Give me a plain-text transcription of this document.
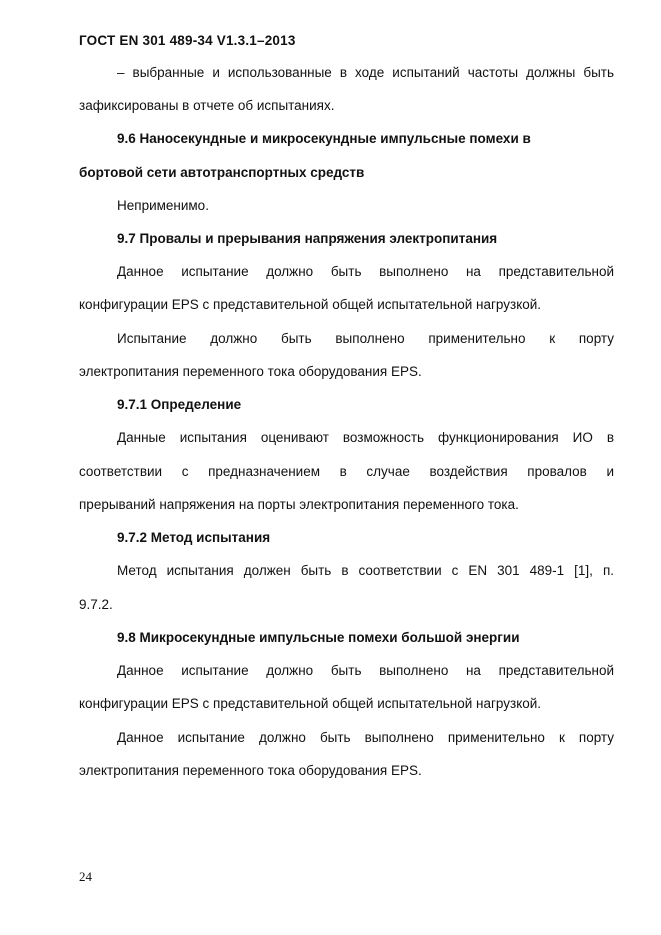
ГОСТ EN 301 489-34 V1.3.1–2013
– выбранные и использованные в ходе испытаний частоты должны быть
зафиксированы в отчете об испытаниях.
9.6 Наносекундные и микросекундные импульсные помехи в
бортовой сети автотранспортных средств
Неприменимо.
9.7 Провалы и прерывания напряжения электропитания
Данное испытание должно быть выполнено на представительной
конфигурации EPS с представительной общей испытательной нагрузкой.
Испытание должно быть выполнено применительно к порту
электропитания переменного тока оборудования EPS.
9.7.1 Определение
Данные испытания оценивают возможность функционирования ИО в
соответствии с предназначением в случае воздействия провалов и
прерываний напряжения на порты электропитания переменного тока.
9.7.2 Метод испытания
Метод испытания должен быть в соответствии с EN 301 489-1 [1], п.
9.7.2.
9.8 Микросекундные импульсные помехи большой энергии
Данное испытание должно быть выполнено на представительной
конфигурации EPS с представительной общей испытательной нагрузкой.
Данное испытание должно быть выполнено применительно к порту
электропитания переменного тока оборудования EPS.
24
